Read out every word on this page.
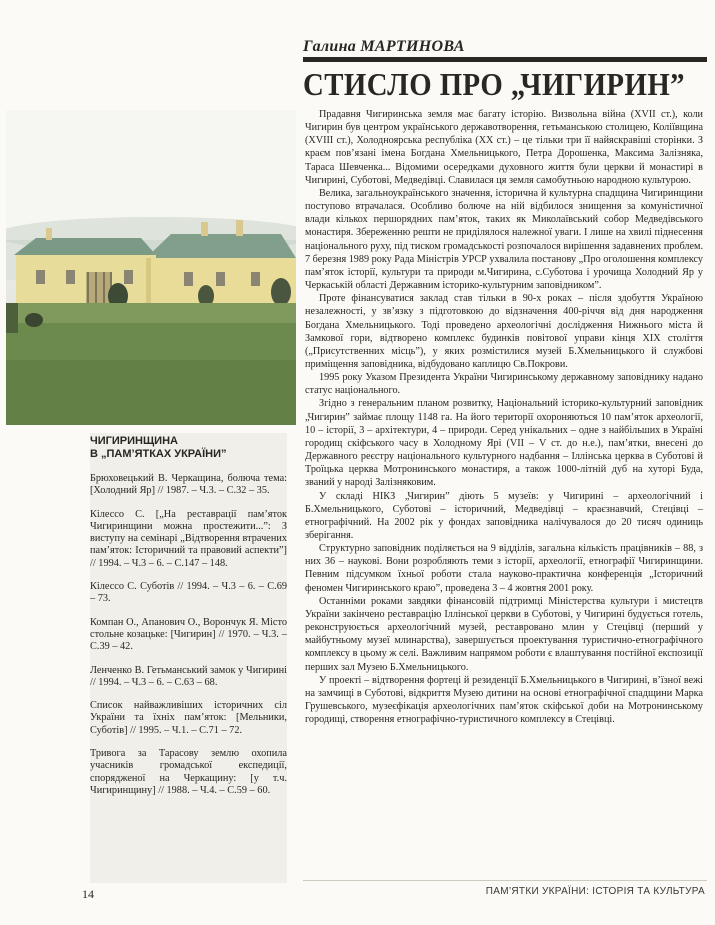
Галина МАРТИНОВА
СТИСЛО ПРО „ЧИГИРИН”
ЧИГИРИНЩИНА
В „ПАМ’ЯТКАХ УКРАЇНИ”

Брюховецький В. Черкащина, болюча тема: [Холодний Яр] // 1987. – Ч.3. – С.32 – 35.

Кілессо С. [„На реставрації пам’яток Чигиринщини можна простежити...”: З виступу на семінарі „Відтворення втрачених пам’яток: Історичний та правовий аспекти”] // 1994. – Ч.3 – 6. – С.147 – 148.

Кілессо С. Суботів // 1994. – Ч.3 – 6. – С.69 – 73.

Компан О., Апанович О., Ворончук Я. Місто стольне козацьке: [Чигирин] // 1970. – Ч.3. – С.39 – 42.

Ленченко В. Гетьманський замок у Чигирині // 1994. – Ч.3 – 6. – С.63 – 68.

Список найважливіших історичних сіл України та їхніх пам’яток: [Мельники, Суботів] // 1995. – Ч.1. – С.71 – 72.

Тривога за Тарасову землю охопила учасників громадської експедиції, спорядженої на Черкащину: [у т.ч. Чигиринщину] // 1988. – Ч.4. – С.59 – 60.

Прадавня Чигиринська земля має багату історію. Визвольна війна (XVII ст.), коли Чигирин був центром українського державотворення, гетьманською столицею, Коліївщина (XVIII ст.), Холодноярська республіка (XX ст.) – це тільки три її найяскравіші сторінки. З краєм пов’язані імена Богдана Хмельницького, Петра Дорошенка, Максима Залізняка, Тараса Шевченка... Відомими осередками духовного життя були церкви й монастирі в Чигирині, Суботові, Медведівці. Славилася ця земля самобутньою народною культурою.

Велика, загальноукраїнського значення, історична й культурна спадщина Чигиринщини поступово втрачалася. Особливо болюче на ній відбилося знищення за комуністичної влади кількох першорядних пам’яток, таких як Миколаївський собор Медведівського монастиря. Збереженню решти не приділялося належної уваги. І лише на хвилі піднесення національного руху, під тиском громадськості розпочалося вирішення задавнених проблем. 7 березня 1989 року Рада Міністрів УРСР ухвалила постанову „Про оголошення комплексу пам’яток історії, культури та природи м.Чигирина, с.Суботова і урочища Холодний Яр у Черкаській області Державним історико-культурним заповідником”.

Проте фінансуватися заклад став тільки в 90-х роках – після здобуття Україною незалежності, у зв’язку з підготовкою до відзначення 400-річчя від дня народження Богдана Хмельницького. Тоді проведено археологічні дослідження Нижнього міста й Замкової гори, відтворено комплекс будинків повітової управи кінця XIX століття („Присутственних місць”), у яких розмістилися музей Б.Хмельницького й службові приміщення заповідника, відбудовано каплицю Св.Покрови.

1995 року Указом Президента України Чигиринському державному заповіднику надано статус національного.

Згідно з генеральним планом розвитку, Національний історико-культурний заповідник „Чигирин” займає площу 1148 га. На його території охороняються 10 пам’яток археології, 10 – історії, 3 – архітектури, 4 – природи. Серед унікальних – одне з найбільших в Україні городищ скіфського часу в Холодному Ярі (VII – V ст. до н.е.), пам’ятки, внесені до Державного реєстру національного культурного надбання – Іллінська церква в Суботові й Троїцька церква Мотронинського монастиря, а також 1000-літній дуб на хуторі Буда, званий у народі Залізняковим.

У складі НІКЗ „Чигирин” діють 5 музеїв: у Чигирині – археологічний і Б.Хмельницького, Суботові – історичний, Медведівці – краєзнавчий, Стецівці – етнографічний. На 2002 рік у фондах заповідника налічувалося до 20 тисяч одиниць зберігання.

Структурно заповідник поділяється на 9 відділів, загальна кількість працівників – 88, з них 36 – наукові. Вони розробляють теми з історії, археології, етнографії Чигиринщини. Певним підсумком їхньої роботи стала науково-практична конференція „Історичний феномен Чигиринського краю”, проведена 3 – 4 жовтня 2001 року.

Останніми роками завдяки фінансовій підтримці Міністерства культури і мистецтв України закінчено реставрацію Іллінської церкви в Суботові, у Чигирині будується готель, реконструюється археологічний музей, реставровано млин у Стецівці (перший у майбутньому музеї млинарства), завершується проектування туристично-етнографічного комплексу в цьому ж селі. Важливим напрямом роботи є влаштування постійної експозиції перших зал Музею Б.Хмельницького.

У проекті – відтворення фортеці й резиденції Б.Хмельницького в Чигирині, в’їзної вежі на замчищі в Суботові, відкриття Музею дитини на основі етнографічної спадщини Марка Грушевського, музеєфікація археологічних пам’яток скіфської доби на Мотронинському городищі, створення етнографічно-туристичного комплексу в Стецівці.

14	ПАМ’ЯТКИ УКРАЇНИ: ІСТОРІЯ ТА КУЛЬТУРА
